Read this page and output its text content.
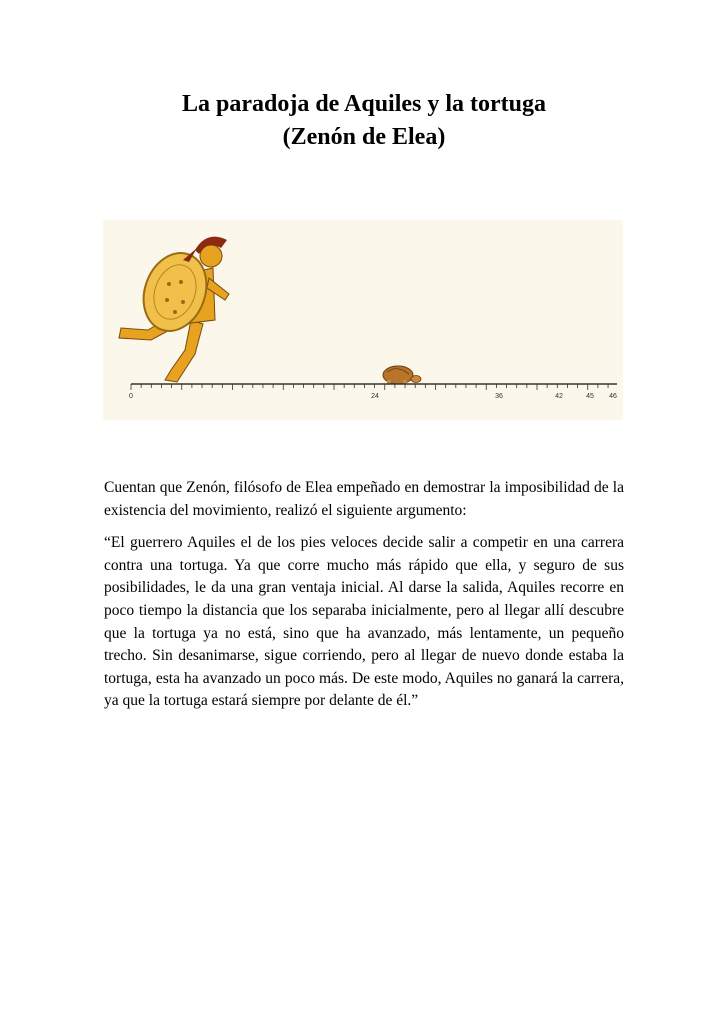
La paradoja de Aquiles y la tortuga
(Zenón de Elea)
0	24	36	42	45 46

Cuentan que Zenón, filósofo de Elea empeñado en demostrar la imposibilidad de la existencia del movimiento, realizó el siguiente argumento:

“El guerrero Aquiles el de los pies veloces decide salir a competir en una carrera contra una tortuga. Ya que corre mucho más rápido que ella, y seguro de sus posibilidades, le da una gran ventaja inicial. Al darse la salida, Aquiles recorre en poco tiempo la distancia que los separaba inicialmente, pero al llegar allí descubre que la tortuga ya no está, sino que ha avanzado, más lentamente, un pequeño trecho. Sin desanimarse, sigue corriendo, pero al llegar de nuevo donde estaba la tortuga, esta ha avanzado un poco más. De este modo, Aquiles no ganará la carrera, ya que la tortuga estará siempre por delante de él.”
